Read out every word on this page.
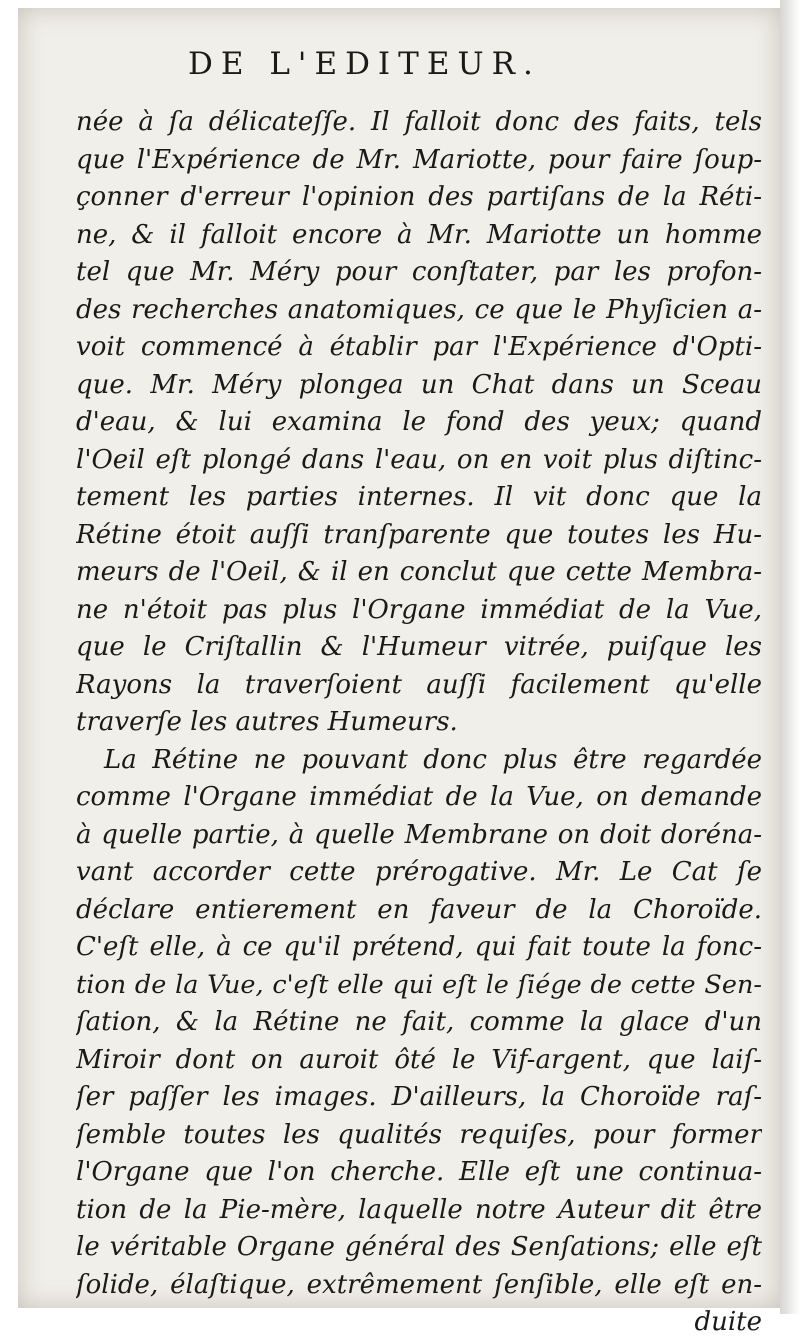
DE L'EDITEUR.
née à ſa délicateſſe. Il falloit donc des faits, tels
que l'Expérience de Mr. Mariotte, pour faire ſoup-
çonner d'erreur l'opinion des partiſans de la Réti-
ne, & il falloit encore à Mr. Mariotte un homme
tel que Mr. Méry pour conſtater, par les profon-
des recherches anatomiques, ce que le Phyſicien a-
voit commencé à établir par l'Expérience d'Opti-
que. Mr. Méry plongea un Chat dans un Sceau
d'eau, & lui examina le fond des yeux; quand
l'Oeil eſt plongé dans l'eau, on en voit plus diſtinc-
tement les parties internes. Il vit donc que la
Rétine étoit auſſi tranſparente que toutes les Hu-
meurs de l'Oeil, & il en conclut que cette Membra-
ne n'étoit pas plus l'Organe immédiat de la Vue,
que le Criſtallin & l'Humeur vitrée, puiſque les
Rayons la traverſoient auſſi facilement qu'elle
traverſe les autres Humeurs.
La Rétine ne pouvant donc plus être regardée
comme l'Organe immédiat de la Vue, on demande
à quelle partie, à quelle Membrane on doit doréna-
vant accorder cette prérogative. Mr. Le Cat ſe
déclare entierement en faveur de la Choroïde.
C'eſt elle, à ce qu'il prétend, qui fait toute la fonc-
tion de la Vue, c'eſt elle qui eſt le ſiége de cette Sen-
ſation, & la Rétine ne fait, comme la glace d'un
Miroir dont on auroit ôté le Vif-argent, que laiſ-
ſer paſſer les images. D'ailleurs, la Choroïde raſ-
ſemble toutes les qualités requiſes, pour former
l'Organe que l'on cherche. Elle eſt une continua-
tion de la Pie-mère, laquelle notre Auteur dit être
le véritable Organe général des Senſations; elle eſt
ſolide, élaſtique, extrêmement ſenſible, elle eſt en-
duite
